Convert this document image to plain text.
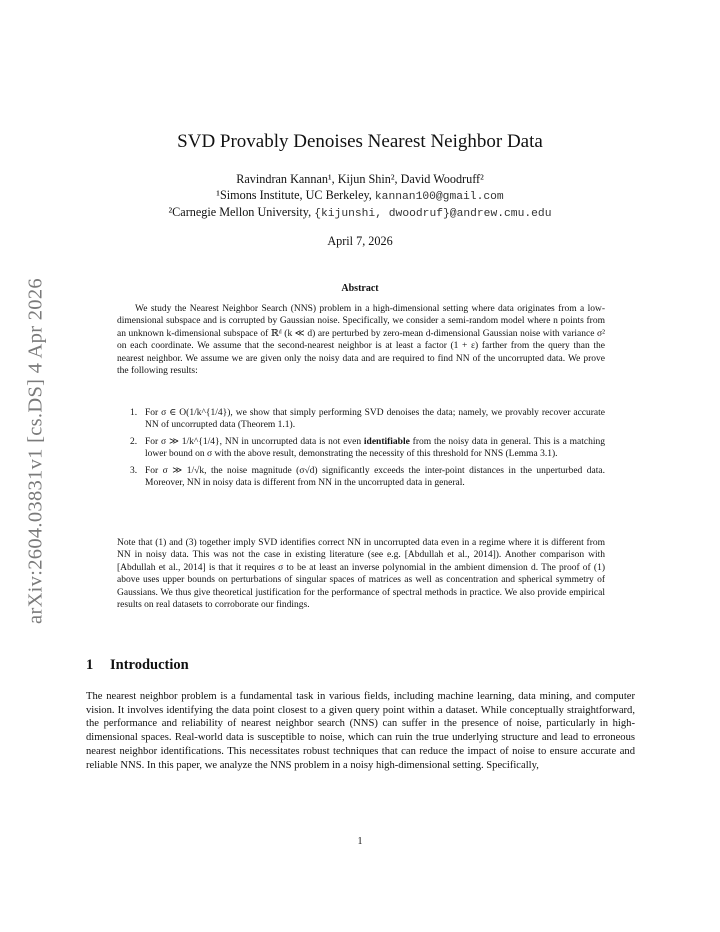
arXiv:2604.03831v1 [cs.DS] 4 Apr 2026
SVD Provably Denoises Nearest Neighbor Data
Ravindran Kannan¹, Kijun Shin², David Woodruff²
¹Simons Institute, UC Berkeley, kannan100@gmail.com
²Carnegie Mellon University, {kijunshi, dwoodruf}@andrew.cmu.edu
April 7, 2026
Abstract

We study the Nearest Neighbor Search (NNS) problem in a high-dimensional setting where data originates from a low-dimensional subspace and is corrupted by Gaussian noise. Specifically, we consider a semi-random model where n points from an unknown k-dimensional subspace of ℝᵈ (k ≪ d) are perturbed by zero-mean d-dimensional Gaussian noise with variance σ² on each coordinate. We assume that the second-nearest neighbor is at least a factor (1 + ε) farther from the query than the nearest neighbor. We assume we are given only the noisy data and are required to find NN of the uncorrupted data. We prove the following results:

1. For σ ∈ O(1/k^{1/4}), we show that simply performing SVD denoises the data; namely, we provably recover accurate NN of uncorrupted data (Theorem 1.1).
2. For σ ≫ 1/k^{1/4}, NN in uncorrupted data is not even identifiable from the noisy data in general. This is a matching lower bound on σ with the above result, demonstrating the necessity of this threshold for NNS (Lemma 3.1).
3. For σ ≫ 1/√k, the noise magnitude (σ√d) significantly exceeds the inter-point distances in the unperturbed data. Moreover, NN in noisy data is different from NN in the uncorrupted data in general.

Note that (1) and (3) together imply SVD identifies correct NN in uncorrupted data even in a regime where it is different from NN in noisy data. This was not the case in existing literature (see e.g. [Abdullah et al., 2014]). Another comparison with [Abdullah et al., 2014] is that it requires σ to be at least an inverse polynomial in the ambient dimension d. The proof of (1) above uses upper bounds on perturbations of singular spaces of matrices as well as concentration and spherical symmetry of Gaussians. We thus give theoretical justification for the performance of spectral methods in practice. We also provide empirical results on real datasets to corroborate our findings.

1 Introduction

The nearest neighbor problem is a fundamental task in various fields, including machine learning, data mining, and computer vision. It involves identifying the data point closest to a given query point within a dataset. While conceptually straightforward, the performance and reliability of nearest neighbor search (NNS) can suffer in the presence of noise, particularly in high-dimensional spaces. Real-world data is susceptible to noise, which can ruin the true underlying structure and lead to erroneous nearest neighbor identifications. This necessitates robust techniques that can reduce the impact of noise to ensure accurate and reliable NNS. In this paper, we analyze the NNS problem in a noisy high-dimensional setting. Specifically,

1
